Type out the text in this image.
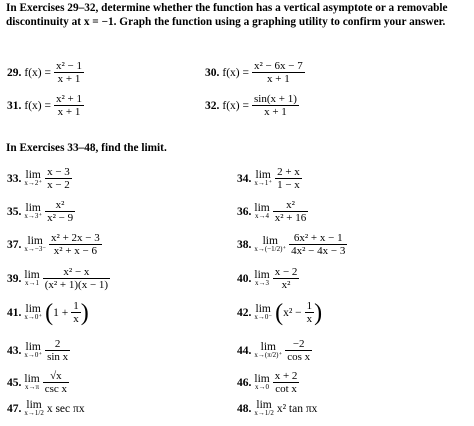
In Exercises 29–32, determine whether the function has a vertical asymptote or a removable discontinuity at x = −1. Graph the function using a graphing utility to confirm your answer.
29. $f(x) = \frac{\text{x² − 1}}{x + 1}$	30. $f(x) = \frac{\text{x² − 6x − 7}}{x + 1}$
31. $f(x) = \frac{\text{x² + 1}}{x + 1}$	32. $f(x) = \frac{\sin(x + 1)}{x + 1}$
In Exercises 33–48, find the limit.
33. lim
$x\to 2^+ \frac{x - 3}{x - 2}$
35. lim
$x\to 3^+ \frac{\text{x²}}{\text{x² − 9}}$
37. lim
$x\to-3^- \frac{\text{x² + 2x − 3}}{\text{x² + x − 6}}$
39. lim
$x\to 1 \frac{\text{x² − x}}{\text{(x² + 1)(x − 1)}}$
41. lim
x→0⁺ ( $1 + \frac{1}{x}$ )
43. lim
$x\to 0^+ \frac{2}{\text{sin x}}$
45. lim
x→π
√x
csc x
47. lim
x→1/2 x sec πx
34. lim
$x\to 1^+ \frac{2 + x}{1 - x}$
36. lim
$x\to 4 \frac{\text{x²}}{\text{x² + 16}}$
38. lim
$x\to(-1/2)^+ \frac{\text{6x² + x − 1}}{\text{4x² − 4x − 3}}$
40. lim
$x\to 3 \frac{x - 2}{\text{x²}}$
42. lim
x→0⁻ ( $x^2 - \frac{1}{x}$ )
44. lim
$x\to(\pi/2)^+ \frac{-2}{\text{cos x}}$
46. lim
$x\to 0 \frac{x + 2}{\text{cot x}}$
48. lim
x→1/2 x² tan πx
